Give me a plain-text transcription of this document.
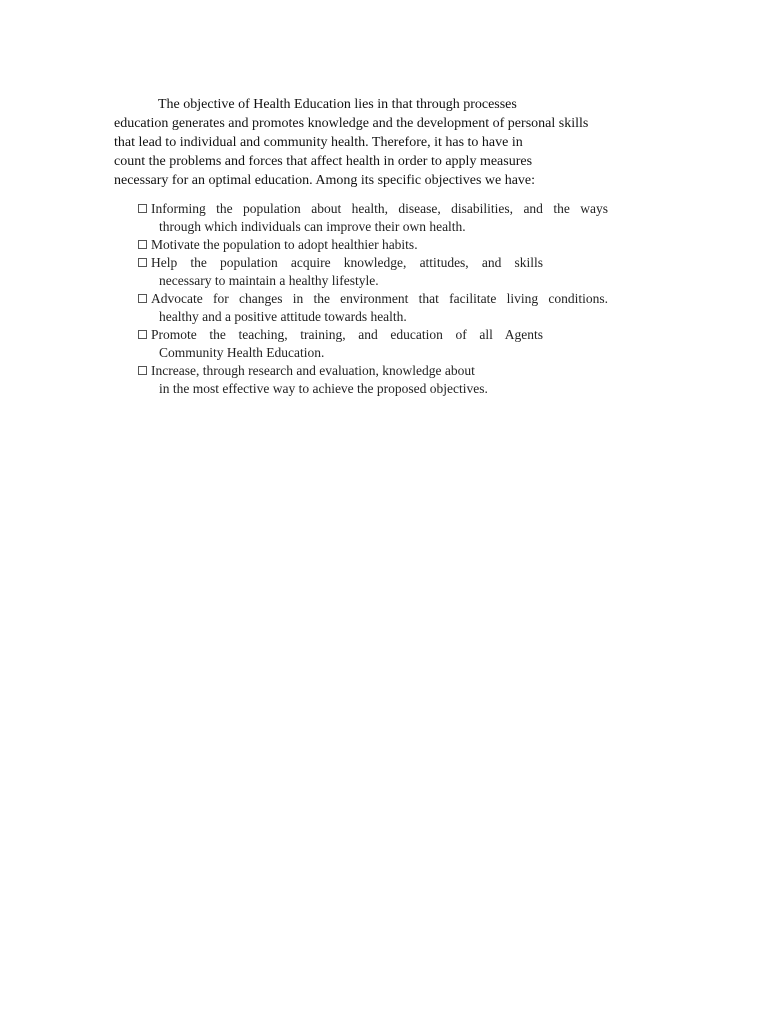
The objective of Health Education lies in that through processes
education generates and promotes knowledge and the development of personal skills
that lead to individual and community health. Therefore, it has to have in
count the problems and forces that affect health in order to apply measures
necessary for an optimal education. Among its specific objectives we have:

Informing the population about health, disease, disabilities, and the ways
through which individuals can improve their own health.
Motivate the population to adopt healthier habits.
Help the population acquire knowledge, attitudes, and skills
necessary to maintain a healthy lifestyle.
Advocate for changes in the environment that facilitate living conditions.
healthy and a positive attitude towards health.
Promote the teaching, training, and education of all Agents
Community Health Education.
Increase, through research and evaluation, knowledge about
in the most effective way to achieve the proposed objectives.
